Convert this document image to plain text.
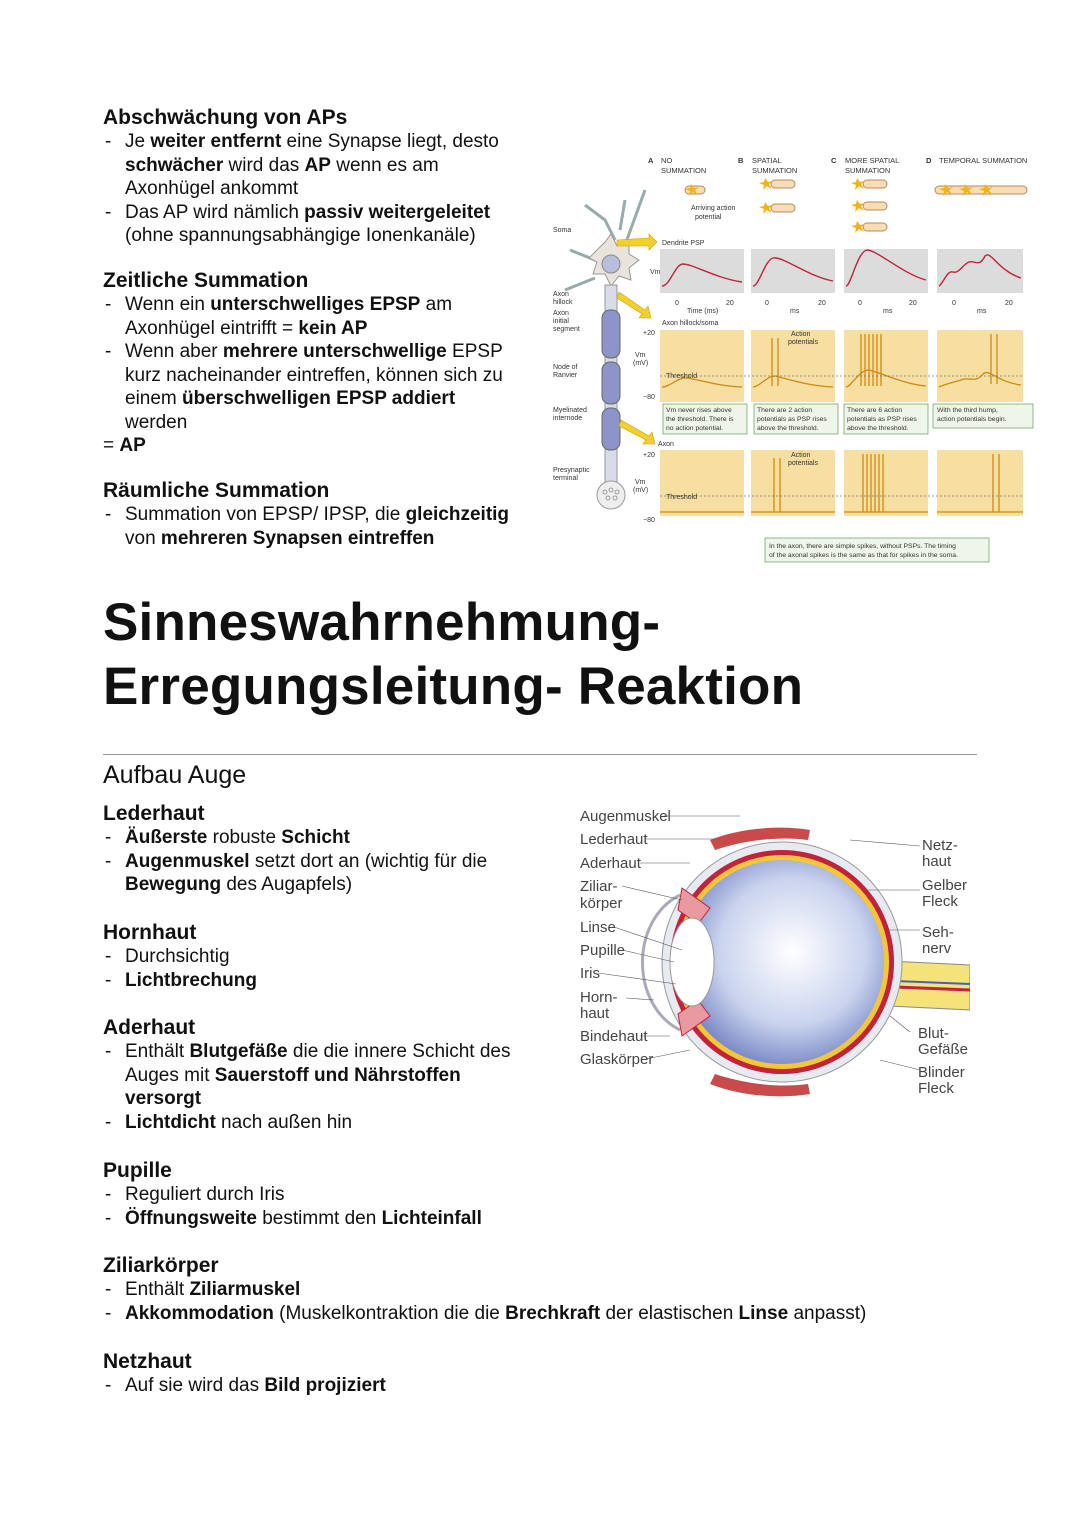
Abschwächung von APs

- Je weiter entfernt eine Synapse liegt, desto
schwächer wird das AP wenn es am
Axonhügel ankommt
- Das AP wird nämlich passiv weitergeleitet
(ohne spannungsabhängige Ionenkanäle)

Zeitliche Summation

- Wenn ein unterschwelliges EPSP am
Axonhügel eintrifft = kein AP
- Wenn aber mehrere unterschwellige EPSP
kurz nacheinander eintreffen, können sich zu
einem überschwelligen EPSP addiert
werden
= AP

Räumliche Summation

- Summation von EPSP/ IPSP, die gleichzeitig
von mehreren Synapsen eintreffen
A NO
SUMMATION
B SPATIAL
SUMMATION
C MORE SPATIAL
SUMMATION
D TEMPORAL SUMMATION
Arriving action
potential
Soma
Axon
hillock
Axon
initial
segment
Node of
Ranvier
Myelinated
internode
Presynaptic
terminal
Dendrite PSP
Vm
0	20
Time (ms)
0	20
ms
0	20
ms
0	20
ms
Axon hillock/soma
+20
Vm
(mV)
−80
Threshold
Action
potentials
Vm never rises above
the threshold. There is
no action potential.
There are 2 action
potentials as PSP rises
above the threshold.
There are 6 action
potentials as PSP rises
above the threshold.
With the third hump,
action potentials begin.
Axon
+20
Vm
(mV)
−80
Threshold
Action
potentials
In the axon, there are simple spikes, without PSPs. The timing
of the axonal spikes is the same as that for spikes in the soma.
Sinneswahrnehmung-
Erregungsleitung- Reaktion
Aufbau Auge

Lederhaut

- Äußerste robuste Schicht
- Augenmuskel setzt dort an (wichtig für die
Bewegung des Augapfels)

Hornhaut

- Durchsichtig
- Lichtbrechung

Aderhaut

- Enthält Blutgefäße die die innere Schicht des
Auges mit Sauerstoff und Nährstoffen
versorgt
- Lichtdicht nach außen hin

Pupille

- Reguliert durch Iris
- Öffnungsweite bestimmt den Lichteinfall

Ziliarkörper

- Enthält Ziliarmuskel
- Akkommodation (Muskelkontraktion die die Brechkraft der elastischen Linse anpasst)

Netzhaut

- Auf sie wird das Bild projiziert
Augenmuskel
Lederhaut
Aderhaut
Ziliar-
körper
Linse
Pupille
Iris
Horn-
haut
Bindehaut
Glaskörper
Netz-
haut
Gelber
Fleck
Seh-
nerv
Blut-
Gefäße
Blinder
Fleck
